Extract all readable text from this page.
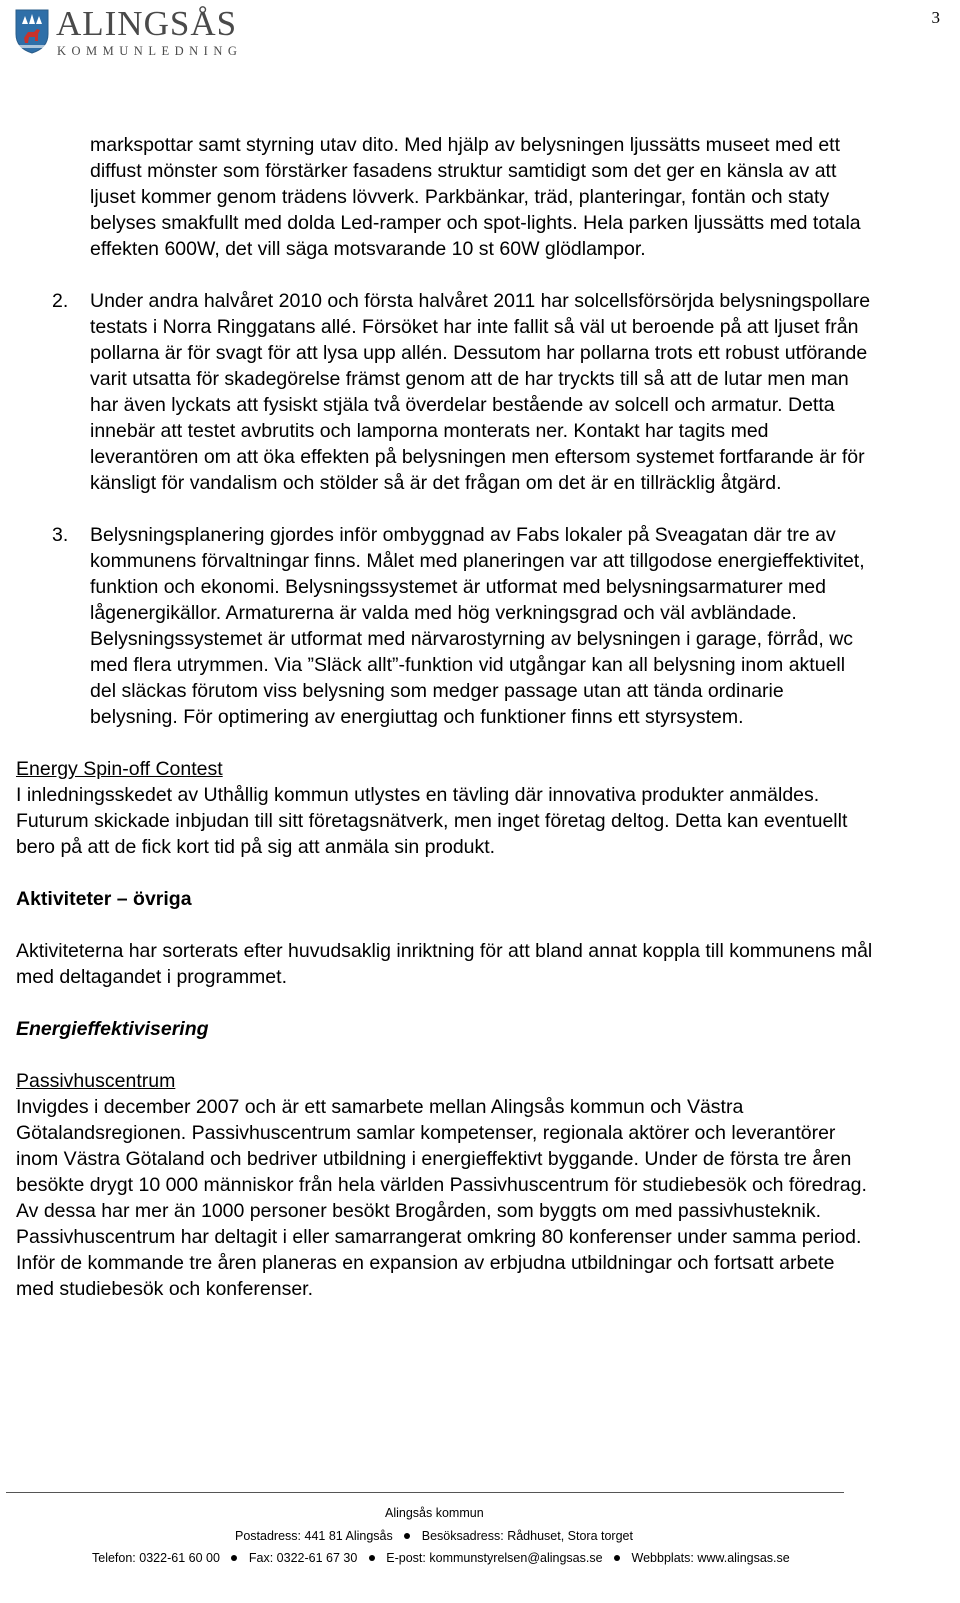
3
ALINGSÅS
KOMMUNLEDNING

markspottar samt styrning utav dito. Med hjälp av belysningen ljussätts museet med ett diffust mönster som förstärker fasadens struktur samtidigt som det ger en känsla av att ljuset kommer genom trädens lövverk. Parkbänkar, träd, planteringar, fontän och staty belyses smakfullt med dolda Led-ramper och spot-lights. Hela parken ljussätts med totala effekten 600W, det vill säga motsvarande 10 st 60W glödlampor.

2.	Under andra halvåret 2010 och första halvåret 2011 har solcellsförsörjda belysningspollare testats i Norra Ringgatans allé. Försöket har inte fallit så väl ut beroende på att ljuset från pollarna är för svagt för att lysa upp allén. Dessutom har pollarna trots ett robust utförande varit utsatta för skadegörelse främst genom att de har tryckts till så att de lutar men man har även lyckats att fysiskt stjäla två överdelar bestående av solcell och armatur. Detta innebär att testet avbrutits och lamporna monterats ner. Kontakt har tagits med leverantören om att öka effekten på belysningen men eftersom systemet fortfarande är för känsligt för vandalism och stölder så är det frågan om det är en tillräcklig åtgärd.
3.	Belysningsplanering gjordes inför ombyggnad av Fabs lokaler på Sveagatan där tre av kommunens förvaltningar finns. Målet med planeringen var att tillgodose energieffektivitet, funktion och ekonomi. Belysningssystemet är utformat med belysningsarmaturer med lågenergikällor. Armaturerna är valda med hög verkningsgrad och väl avbländade. Belysningssystemet är utformat med närvarostyrning av belysningen i garage, förråd, wc med flera utrymmen. Via ”Släck allt”-funktion vid utgångar kan all belysning inom aktuell del släckas förutom viss belysning som medger passage utan att tända ordinarie belysning. För optimering av energiuttag och funktioner finns ett styrsystem.

Energy Spin-off Contest

I inledningsskedet av Uthållig kommun utlystes en tävling där innovativa produkter anmäldes. Futurum skickade inbjudan till sitt företagsnätverk, men inget företag deltog. Detta kan eventuellt bero på att de fick kort tid på sig att anmäla sin produkt.

Aktiviteter – övriga

Aktiviteterna har sorterats efter huvudsaklig inriktning för att bland annat koppla till kommunens mål med deltagandet i programmet.

Energieffektivisering

Passivhuscentrum

Invigdes i december 2007 och är ett samarbete mellan Alingsås kommun och Västra Götalandsregionen. Passivhuscentrum samlar kompetenser, regionala aktörer och leverantörer inom Västra Götaland och bedriver utbildning i energieffektivt byggande. Under de första tre åren besökte drygt 10 000 människor från hela världen Passivhuscentrum för studiebesök och föredrag. Av dessa har mer än 1000 personer besökt Brogården, som byggts om med passivhusteknik. Passivhuscentrum har deltagit i eller samarrangerat omkring 80 konferenser under samma period. Inför de kommande tre åren planeras en expansion av erbjudna utbildningar och fortsatt arbete med studiebesök och konferenser.

Alingsås kommun
Postadress: 441 81 Alingsås Besöksadress: Rådhuset, Stora torget
Telefon: 0322-61 60 00 Fax: 0322-61 67 30 E-post: kommunstyrelsen@alingsas.se Webbplats: www.alingsas.se
